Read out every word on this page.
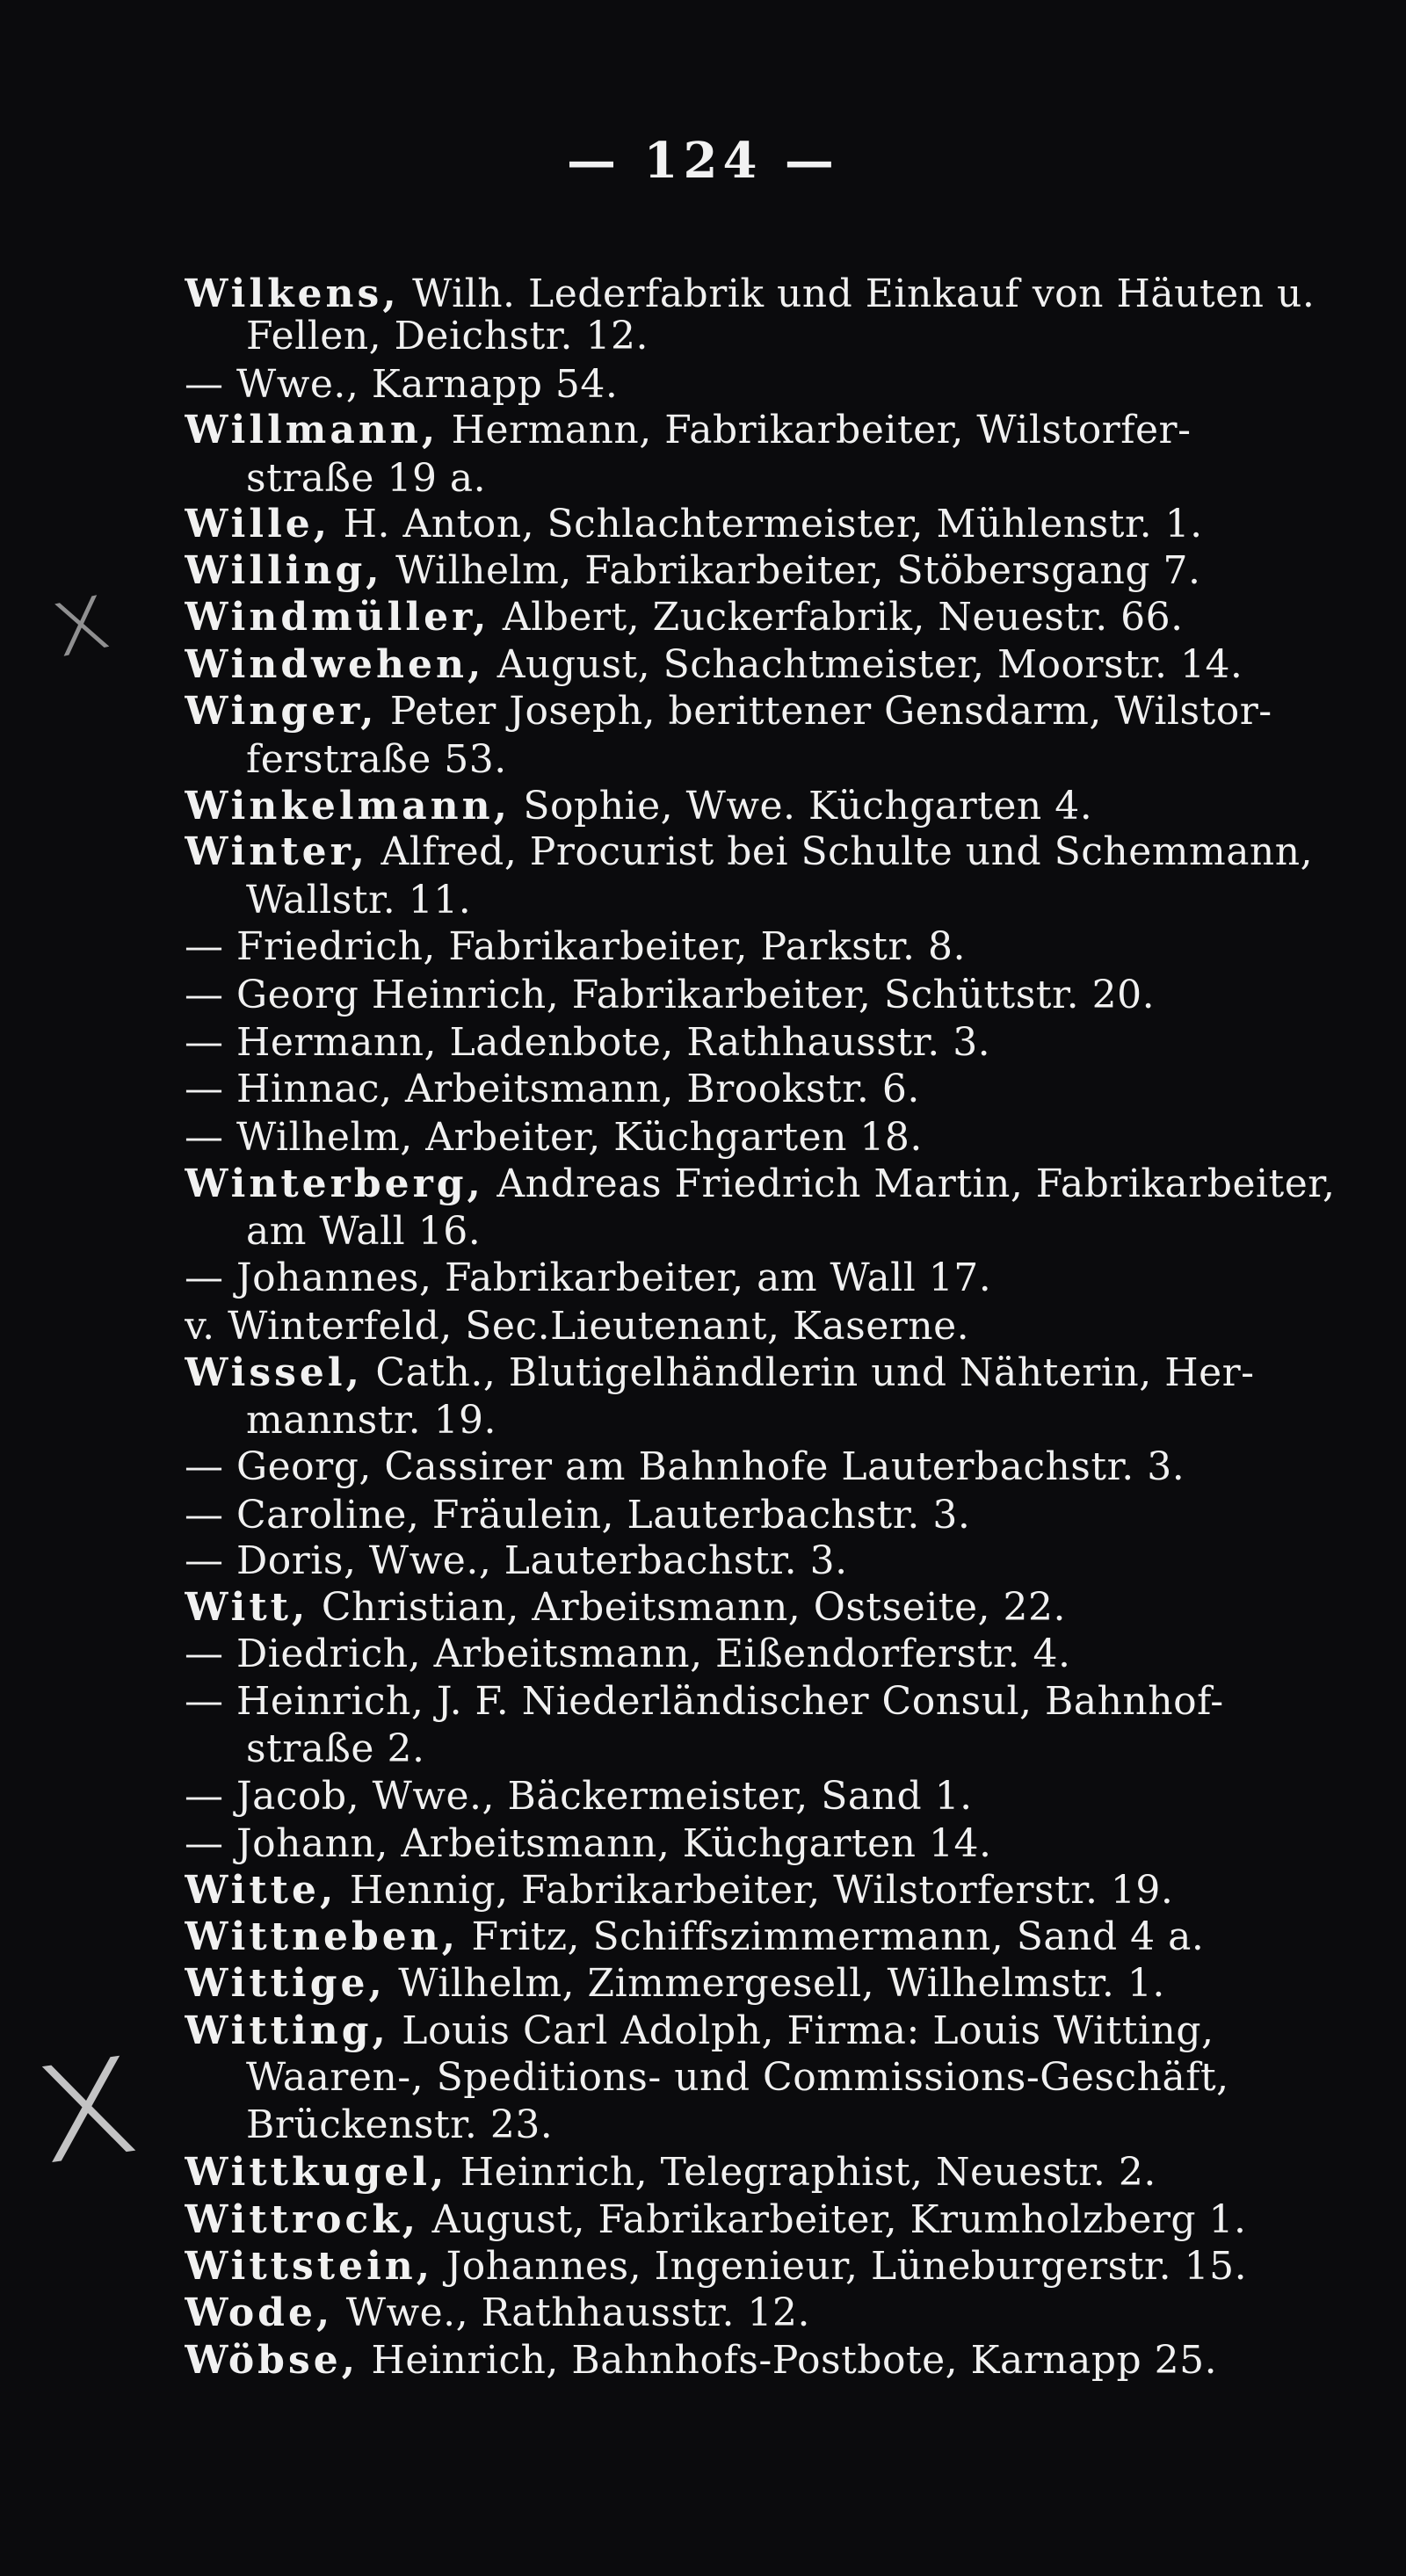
— 124 —
Wilkens, Wilh. Lederfabrik und Einkauf von Häuten u.
Fellen, Deichstr. 12.
— Wwe., Karnapp 54.
Willmann, Hermann, Fabrikarbeiter, Wilstorfer-
straße 19 a.
Wille, H. Anton, Schlachtermeister, Mühlenstr. 1.
Willing, Wilhelm, Fabrikarbeiter, Stöbersgang 7.
Windmüller, Albert, Zuckerfabrik, Neuestr. 66.
Windwehen, August, Schachtmeister, Moorstr. 14.
Winger, Peter Joseph, berittener Gensdarm, Wilstor-
ferstraße 53.
Winkelmann, Sophie, Wwe. Küchgarten 4.
Winter, Alfred, Procurist bei Schulte und Schemmann,
Wallstr. 11.
— Friedrich, Fabrikarbeiter, Parkstr. 8.
— Georg Heinrich, Fabrikarbeiter, Schüttstr. 20.
— Hermann, Ladenbote, Rathhausstr. 3.
— Hinnac, Arbeitsmann, Brookstr. 6.
— Wilhelm, Arbeiter, Küchgarten 18.
Winterberg, Andreas Friedrich Martin, Fabrikarbeiter,
am Wall 16.
— Johannes, Fabrikarbeiter, am Wall 17.
v. Winterfeld, Sec.Lieutenant, Kaserne.
Wissel, Cath., Blutigelhändlerin und Nähterin, Her-
mannstr. 19.
— Georg, Cassirer am Bahnhofe Lauterbachstr. 3.
— Caroline, Fräulein, Lauterbachstr. 3.
— Doris, Wwe., Lauterbachstr. 3.
Witt, Christian, Arbeitsmann, Ostseite, 22.
— Diedrich, Arbeitsmann, Eißendorferstr. 4.
— Heinrich, J. F. Niederländischer Consul, Bahnhof-
straße 2.
— Jacob, Wwe., Bäckermeister, Sand 1.
— Johann, Arbeitsmann, Küchgarten 14.
Witte, Hennig, Fabrikarbeiter, Wilstorferstr. 19.
Wittneben, Fritz, Schiffszimmermann, Sand 4 a.
Wittige, Wilhelm, Zimmergesell, Wilhelmstr. 1.
Witting, Louis Carl Adolph, Firma: Louis Witting,
Waaren-, Speditions- und Commissions-Geschäft,
Brückenstr. 23.
Wittkugel, Heinrich, Telegraphist, Neuestr. 2.
Wittrock, August, Fabrikarbeiter, Krumholzberg 1.
Wittstein, Johannes, Ingenieur, Lüneburgerstr. 15.
Wode, Wwe., Rathhausstr. 12.
Wöbse, Heinrich, Bahnhofs-Postbote, Karnapp 25.
x
x
